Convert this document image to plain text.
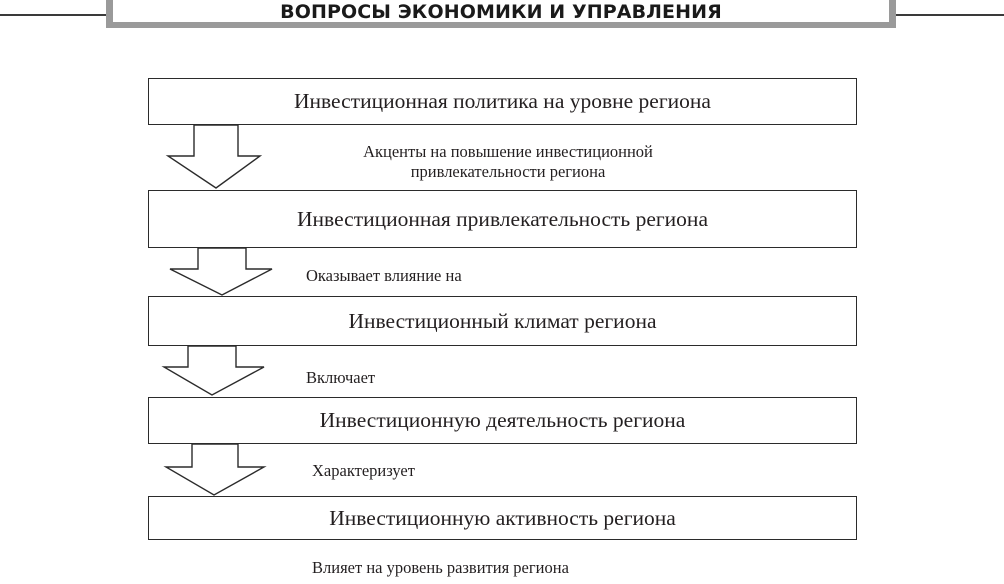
ВОПРОСЫ ЭКОНОМИКИ И УПРАВЛЕНИЯ
Инвестиционная политика на уровне региона
Акценты на повышение инвестиционной
привлекательности региона
Инвестиционная привлекательность региона
Оказывает влияние на
Инвестиционный климат региона
Включает
Инвестиционную деятельность региона
Характеризует
Инвестиционную активность региона
Влияет на уровень развития региона
